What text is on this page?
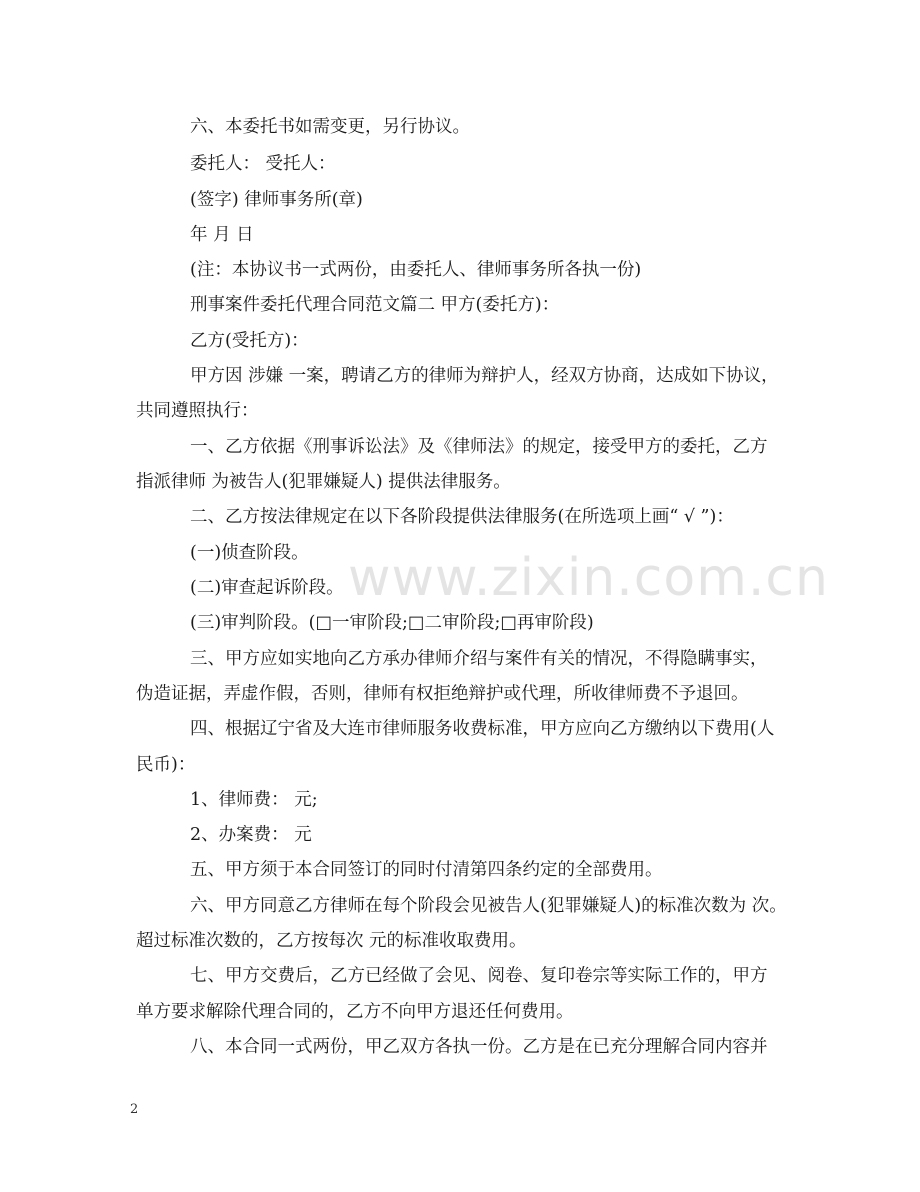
www.zixin.com.cn

六、本委托书如需变更，另行协议。

委托人： 受托人：

(签字) 律师事务所(章)

年 月 日

(注：本协议书一式两份，由委托人、律师事务所各执一份)

刑事案件委托代理合同范文篇二 甲方(委托方)：

乙方(受托方)：

甲方因 涉嫌 一案，聘请乙方的律师为辩护人，经双方协商，达成如下协议，

共同遵照执行：

一、乙方依据《刑事诉讼法》及《律师法》的规定，接受甲方的委托，乙方

指派律师 为被告人(犯罪嫌疑人) 提供法律服务。

二、乙方按法律规定在以下各阶段提供法律服务(在所选项上画“ √ ”)：

(一)侦查阶段。

(二)审查起诉阶段。

(三)审判阶段。(□一审阶段;□二审阶段;□再审阶段)

三、甲方应如实地向乙方承办律师介绍与案件有关的情况，不得隐瞒事实，

伪造证据，弄虚作假，否则，律师有权拒绝辩护或代理，所收律师费不予退回。

四、根据辽宁省及大连市律师服务收费标准，甲方应向乙方缴纳以下费用(人

民币)：

1、律师费： 元;

2、办案费： 元

五、甲方须于本合同签订的同时付清第四条约定的全部费用。

六、甲方同意乙方律师在每个阶段会见被告人(犯罪嫌疑人)的标准次数为 次。

超过标准次数的，乙方按每次 元的标准收取费用。

七、甲方交费后，乙方已经做了会见、阅卷、复印卷宗等实际工作的，甲方

单方要求解除代理合同的，乙方不向甲方退还任何费用。

八、本合同一式两份，甲乙双方各执一份。乙方是在已充分理解合同内容并

2
